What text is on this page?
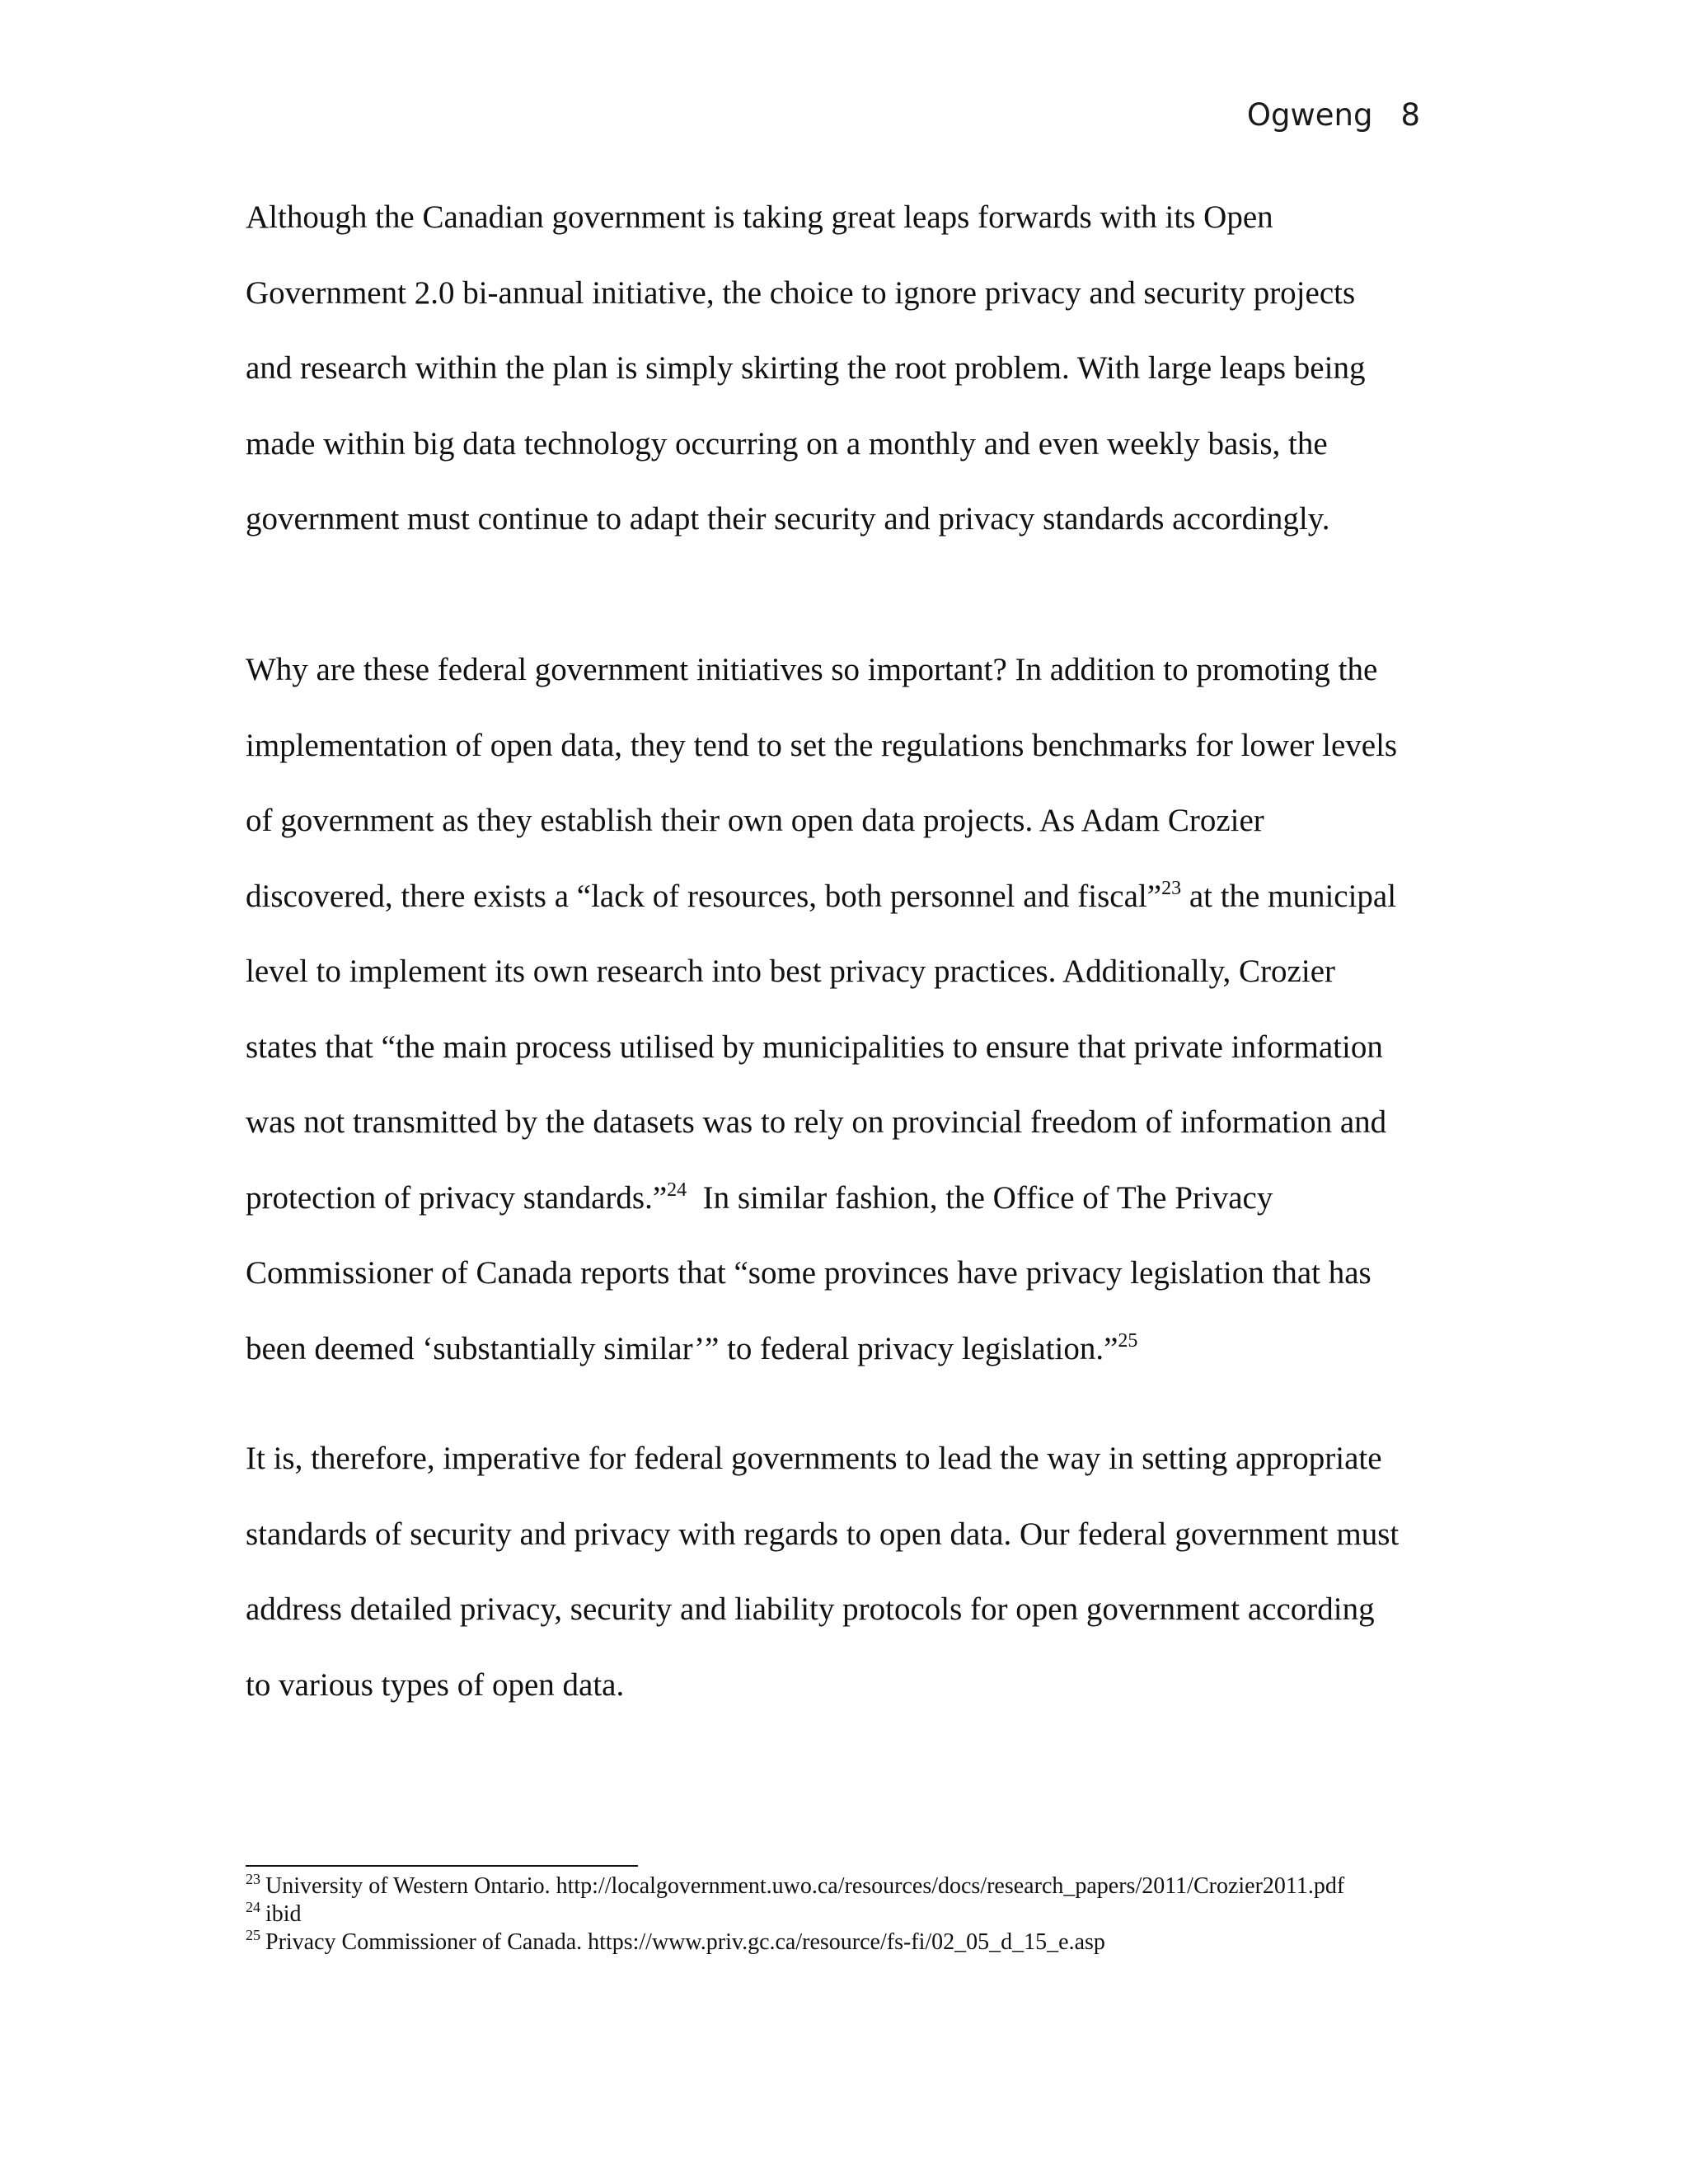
Ogweng 8
Although the Canadian government is taking great leaps forwards with its Open
Government 2.0 bi-annual initiative, the choice to ignore privacy and security projects
and research within the plan is simply skirting the root problem. With large leaps being
made within big data technology occurring on a monthly and even weekly basis, the
government must continue to adapt their security and privacy standards accordingly.
Why are these federal government initiatives so important? In addition to promoting the
implementation of open data, they tend to set the regulations benchmarks for lower levels
of government as they establish their own open data projects. As Adam Crozier
discovered, there exists a “lack of resources, both personnel and fiscal”$^{23}$ at the municipal
level to implement its own research into best privacy practices. Additionally, Crozier
states that “the main process utilised by municipalities to ensure that private information
was not transmitted by the datasets was to rely on provincial freedom of information and
protection of privacy standards.”$^{24}$  In similar fashion, the Office of The Privacy
Commissioner of Canada reports that “some provinces have privacy legislation that has
been deemed ‘substantially similar’” to federal privacy legislation.”$^{25}$
It is, therefore, imperative for federal governments to lead the way in setting appropriate
standards of security and privacy with regards to open data. Our federal government must
address detailed privacy, security and liability protocols for open government according
to various types of open data.
$^{23}$ University of Western Ontario. http://localgovernment.uwo.ca/resources/docs/research_papers/2011/Crozier2011.pdf
$^{24}$ ibid
$^{25}$ Privacy Commissioner of Canada. https://www.priv.gc.ca/resource/fs-fi/02_05_d_15_e.asp
